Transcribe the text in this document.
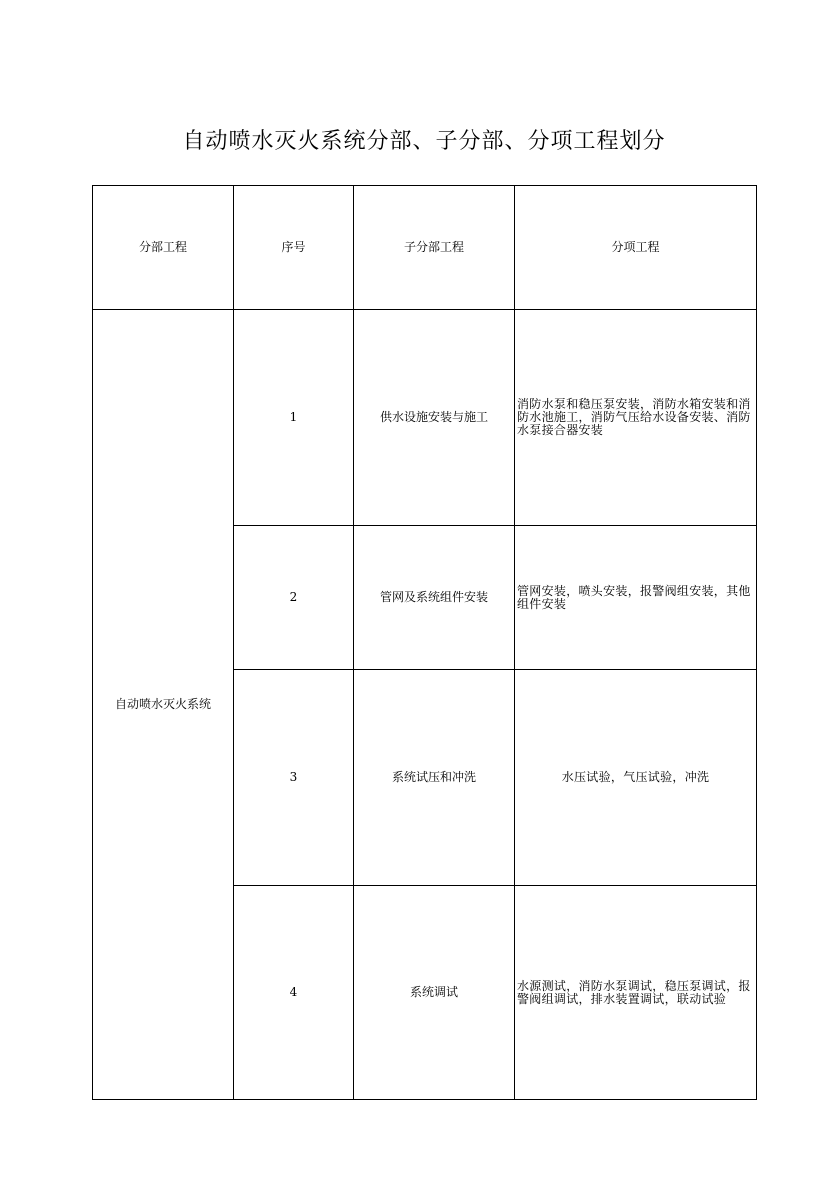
自动喷水灭火系统分部、子分部、分项工程划分
分部工程	序号	子分部工程	分项工程
自动喷水灭火系统	1	供水设施安装与施工	消防水泵和稳压泵安装，消防水箱安装和消防水池施工，消防气压给水设备安装、消防水泵接合器安装
	2	管网及系统组件安装	管网安装，喷头安装，报警阀组安装，其他组件安装
	3	系统试压和冲洗	水压试验，气压试验，冲洗
	4	系统调试	水源测试，消防水泵调试，稳压泵调试，报警阀组调试，排水装置调试，联动试验
